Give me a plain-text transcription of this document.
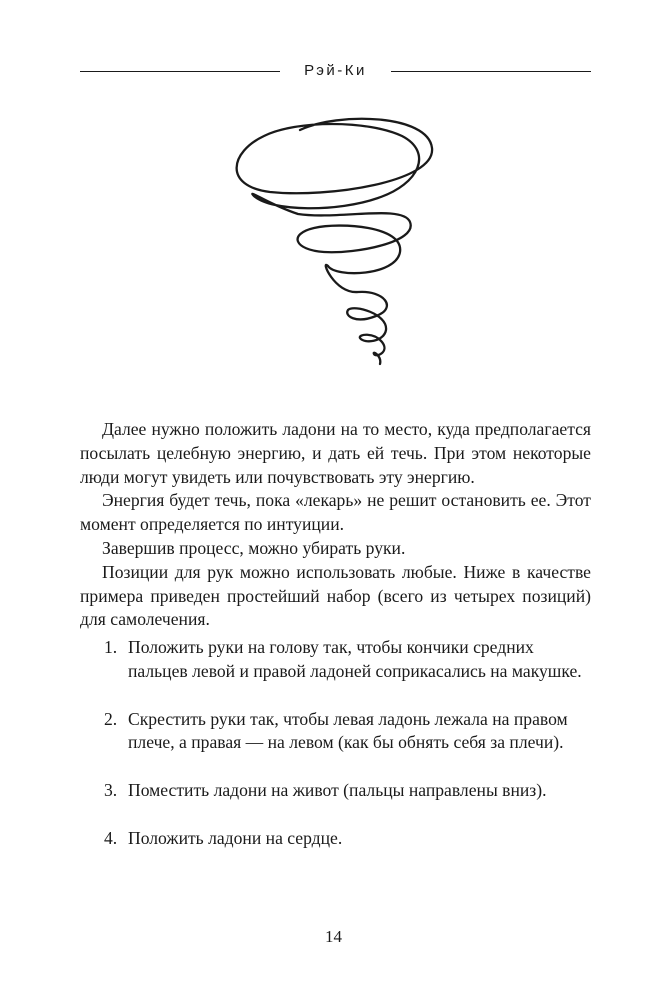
Рэй-Ки

Далее нужно положить ладони на то место, куда предполагается посылать целебную энергию, и дать ей течь. При этом некоторые люди могут увидеть или почувствовать эту энергию.

Энергия будет течь, пока «лекарь» не решит остановить ее. Этот момент определяется по интуиции.

Завершив процесс, можно убирать руки.

Позиции для рук можно использовать любые. Ниже в качестве примера приведен простейший набор (всего из четырех позиций) для самолечения.

1. Положить руки на голову так, чтобы кончики средних пальцев левой и правой ладоней соприкасались на макушке.
2. Скрестить руки так, чтобы левая ладонь лежала на правом плече, а правая — на левом (как бы обнять себя за плечи).
3. Поместить ладони на живот (пальцы направлены вниз).
4. Положить ладони на сердце.
14
